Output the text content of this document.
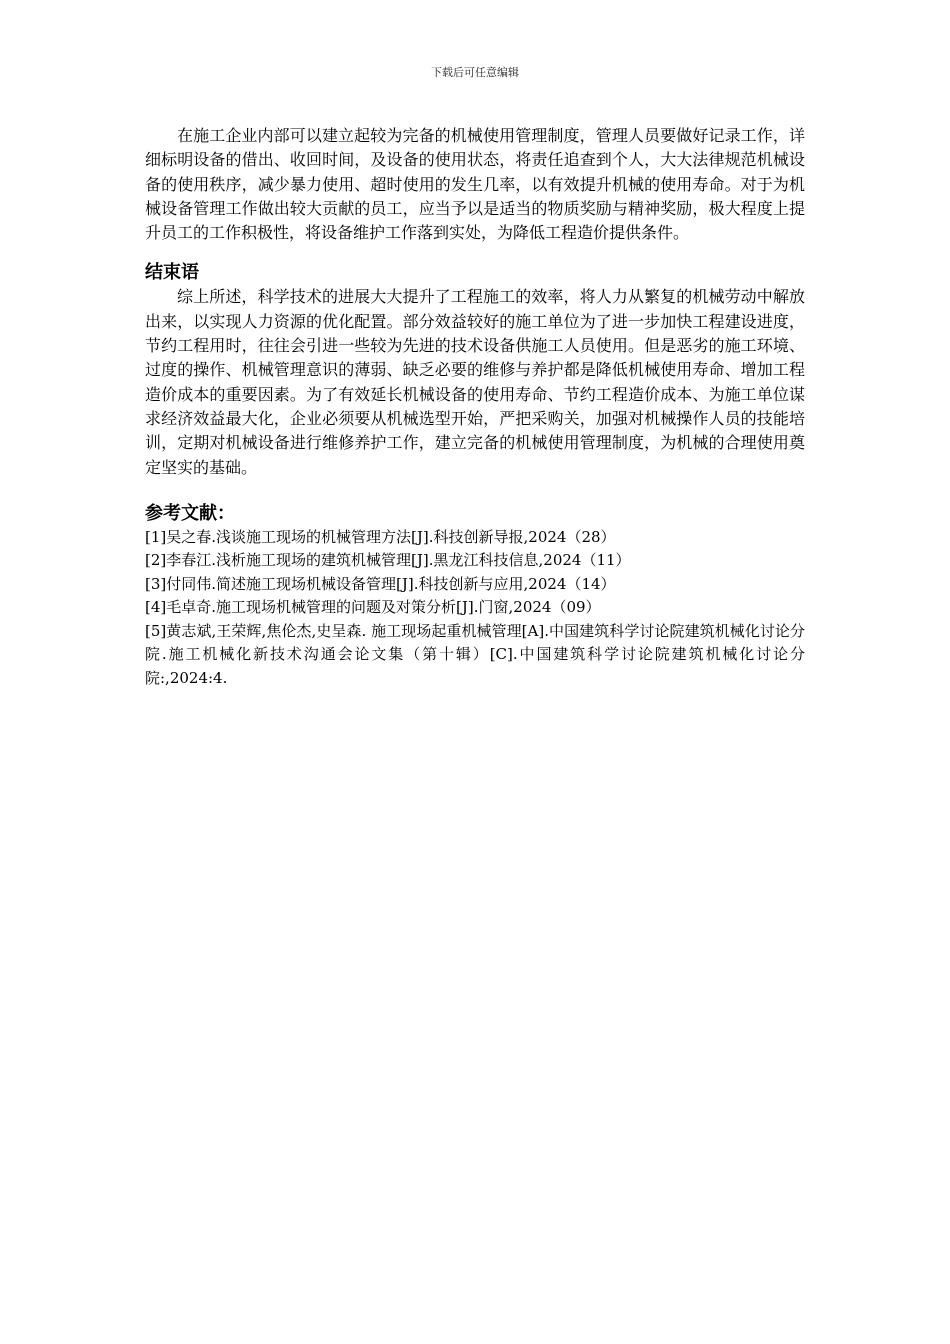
下载后可任意编辑

在施工企业内部可以建立起较为完备的机械使用管理制度，管理人员要做好记录工作，详细标明设备的借出、收回时间，及设备的使用状态，将责任追查到个人，大大法律规范机械设备的使用秩序，减少暴力使用、超时使用的发生几率，以有效提升机械的使用寿命。对于为机械设备管理工作做出较大贡献的员工，应当予以是适当的物质奖励与精神奖励，极大程度上提升员工的工作积极性，将设备维护工作落到实处，为降低工程造价提供条件。

结束语

综上所述，科学技术的进展大大提升了工程施工的效率，将人力从繁复的机械劳动中解放出来，以实现人力资源的优化配置。部分效益较好的施工单位为了进一步加快工程建设进度，节约工程用时，往往会引进一些较为先进的技术设备供施工人员使用。但是恶劣的施工环境、过度的操作、机械管理意识的薄弱、缺乏必要的维修与养护都是降低机械使用寿命、增加工程造价成本的重要因素。为了有效延长机械设备的使用寿命、节约工程造价成本、为施工单位谋求经济效益最大化，企业必须要从机械选型开始，严把采购关，加强对机械操作人员的技能培训，定期对机械设备进行维修养护工作，建立完备的机械使用管理制度，为机械的合理使用奠定坚实的基础。

参考文献：
[1]吴之春.浅谈施工现场的机械管理方法[J].科技创新导报,2024（28）
[2]李春江.浅析施工现场的建筑机械管理[J].黑龙江科技信息,2024（11）
[3]付同伟.简述施工现场机械设备管理[J].科技创新与应用,2024（14）
[4]毛卓奇.施工现场机械管理的问题及对策分析[J].门窗,2024（09）
[5]黄志斌,王荣辉,焦伦杰,史呈森. 施工现场起重机械管理[A].中国建筑科学讨论院建筑机械化讨论分院.施工机械化新技术沟通会论文集（第十辑）[C].中国建筑科学讨论院建筑机械化讨论分院:,2024:4.
